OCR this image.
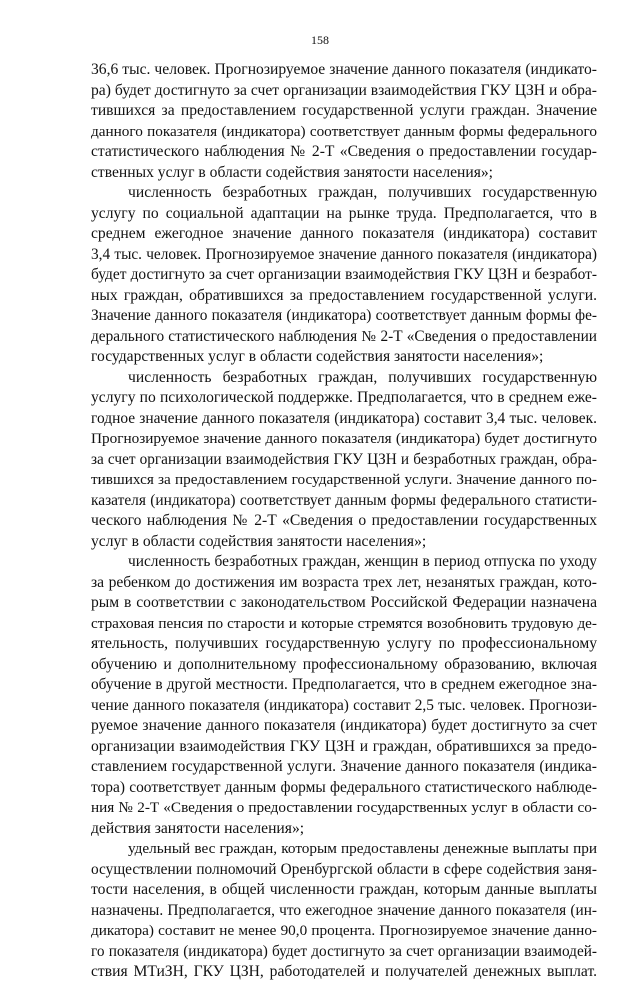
158
36,6 тыс. человек. Прогнозируемое значение данного показателя (индикато-
ра) будет достигнуто за счет организации взаимодействия ГКУ ЦЗН и обра-
тившихся за предоставлением государственной услуги граждан. Значение
данного показателя (индикатора) соответствует данным формы федерального
статистического наблюдения № 2-Т «Сведения о предоставлении государ-
ственных услуг в области содействия занятости населения»;
численность безработных граждан, получивших государственную
услугу по социальной адаптации на рынке труда. Предполагается, что в
среднем ежегодное значение данного показателя (индикатора) составит
3,4 тыс. человек. Прогнозируемое значение данного показателя (индикатора)
будет достигнуто за счет организации взаимодействия ГКУ ЦЗН и безработ-
ных граждан, обратившихся за предоставлением государственной услуги.
Значение данного показателя (индикатора) соответствует данным формы фе-
дерального статистического наблюдения № 2-Т «Сведения о предоставлении
государственных услуг в области содействия занятости населения»;
численность безработных граждан, получивших государственную
услугу по психологической поддержке. Предполагается, что в среднем еже-
годное значение данного показателя (индикатора) составит 3,4 тыс. человек.
Прогнозируемое значение данного показателя (индикатора) будет достигнуто
за счет организации взаимодействия ГКУ ЦЗН и безработных граждан, обра-
тившихся за предоставлением государственной услуги. Значение данного по-
казателя (индикатора) соответствует данным формы федерального статисти-
ческого наблюдения № 2-Т «Сведения о предоставлении государственных
услуг в области содействия занятости населения»;
численность безработных граждан, женщин в период отпуска по уходу
за ребенком до достижения им возраста трех лет, незанятых граждан, кото-
рым в соответствии с законодательством Российской Федерации назначена
страховая пенсия по старости и которые стремятся возобновить трудовую де-
ятельность, получивших государственную услугу по профессиональному
обучению и дополнительному профессиональному образованию, включая
обучение в другой местности. Предполагается, что в среднем ежегодное зна-
чение данного показателя (индикатора) составит 2,5 тыс. человек. Прогнози-
руемое значение данного показателя (индикатора) будет достигнуто за счет
организации взаимодействия ГКУ ЦЗН и граждан, обратившихся за предо-
ставлением государственной услуги. Значение данного показателя (индика-
тора) соответствует данным формы федерального статистического наблюде-
ния № 2-Т «Сведения о предоставлении государственных услуг в области со-
действия занятости населения»;
удельный вес граждан, которым предоставлены денежные выплаты при
осуществлении полномочий Оренбургской области в сфере содействия заня-
тости населения, в общей численности граждан, которым данные выплаты
назначены. Предполагается, что ежегодное значение данного показателя (ин-
дикатора) составит не менее 90,0 процента. Прогнозируемое значение данно-
го показателя (индикатора) будет достигнуто за счет организации взаимодей-
ствия МТиЗН, ГКУ ЦЗН, работодателей и получателей денежных выплат.
